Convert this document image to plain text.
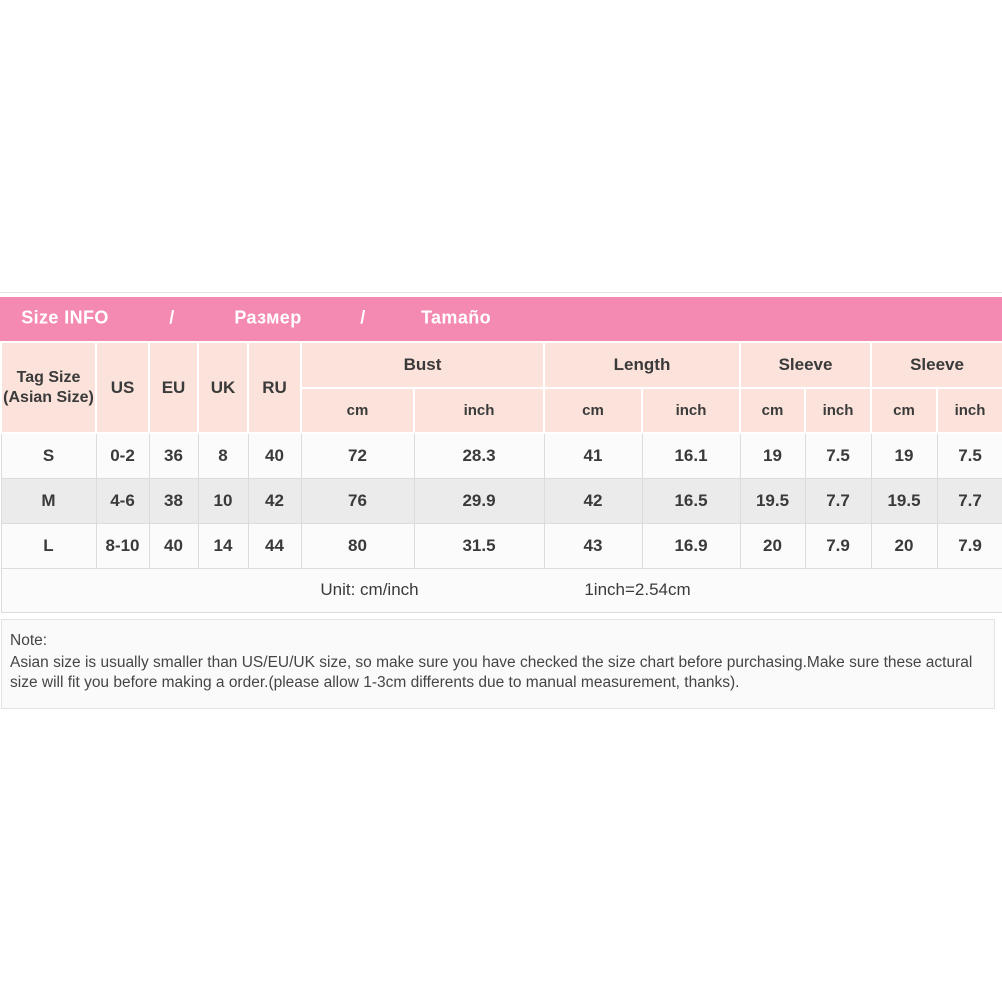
Size INFO	/	Размер	/	Tamaño
Tag Size
(Asian Size)	US	EU	UK	RU	Bust		Length		Sleeve		Sleeve	
					cm	inch	cm	inch	cm	inch	cm	inch
S	0-2	36	8	40	72	28.3	41	16.1	19	7.5	19	7.5
M	4-6	38	10	42	76	29.9	42	16.5	19.5	7.7	19.5	7.7
L	8-10	40	14	44	80	31.5	43	16.9	20	7.9	20	7.9

Unit: cm/inch 1inch=2.54cm												

Note:

Asian size is usually smaller than US/EU/UK size, so make sure you have checked the size chart before purchasing.Make sure these actural size will fit you before making a order.(please allow 1-3cm differents due to manual measurement, thanks).
